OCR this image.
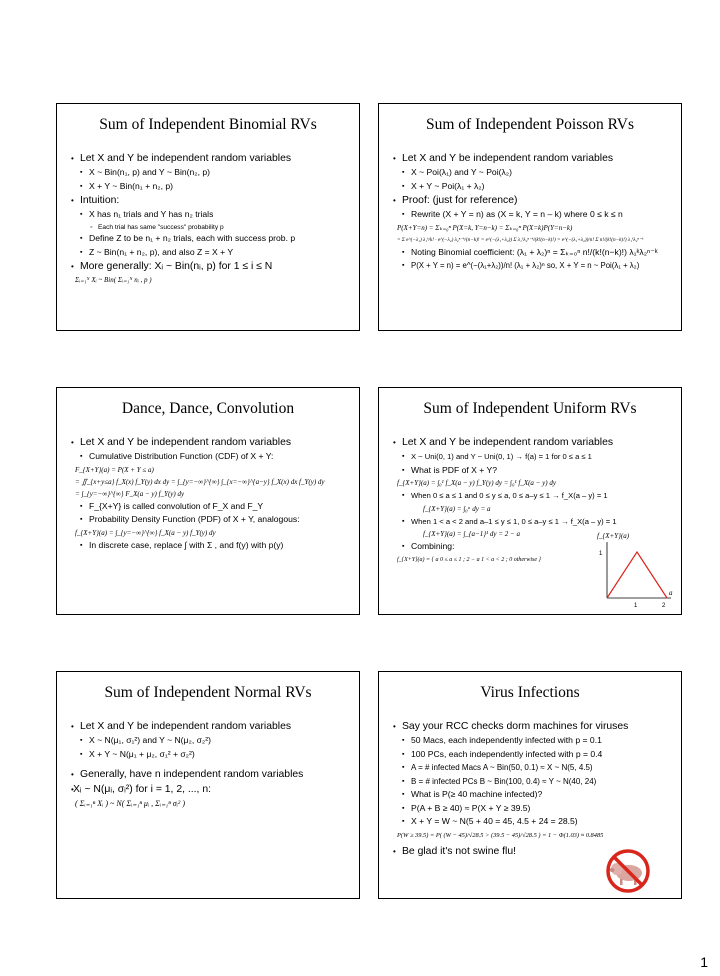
Sum of Independent Binomial RVs
• Let X and Y be independent random variables
▪ X ~ Bin(n₁, p) and Y ~ Bin(n₂, p)
▪ X + Y ~ Bin(n₁ + n₂, p)
• Intuition:
▪ X has n₁ trials and Y has n₂ trials
◦ Each trial has same "success" probability p
▪ Define Z to be n₁ + n₂ trials, each with success prob. p
▪ Z ~ Bin(n₁ + n₂, p), and also Z = X + Y
• More generally: Xᵢ ~ Bin(nᵢ, p) for 1 ≤ i ≤ N
Σᵢ₌₁ᴺ Xᵢ ~ Bin( Σᵢ₌₁ᴺ nᵢ , p )
Sum of Independent Poisson RVs
• Let X and Y be independent random variables
▪ X ~ Poi(λ₁) and Y ~ Poi(λ₂)
▪ X + Y ~ Poi(λ₁ + λ₂)
• Proof: (just for reference)
▪ Rewrite (X + Y = n) as (X = k, Y = n – k) where 0 ≤ k ≤ n
P(X+Y=n) = Σₖ₌₀ⁿ P(X=k, Y=n−k) = Σₖ₌₀ⁿ P(X=k)P(Y=n−k)
= Σ e^(−λ₁) λ₁ᵏ/k! · e^(−λ₂) λ₂ⁿ⁻ᵏ/(n−k)! = e^(−(λ₁+λ₂)) Σ λ₁ᵏλ₂ⁿ⁻ᵏ/(k!(n−k)!) = e^(−(λ₁+λ₂))/n! Σ n!/(k!(n−k)!) λ₁ᵏλ₂ⁿ⁻ᵏ
▪ Noting Binomial coefficient: (λ₁ + λ₂)ⁿ = Σₖ₌₀ⁿ n!/(k!(n−k)!) λ₁ᵏλ₂ⁿ⁻ᵏ
▪ P(X + Y = n) = e^(−(λ₁+λ₂))/n! (λ₁ + λ₂)ⁿ so, X + Y = n ~ Poi(λ₁ + λ₂)
Dance, Dance, Convolution
• Let X and Y be independent random variables
▪ Cumulative Distribution Function (CDF) of X + Y:
F_{X+Y}(a) = P(X + Y ≤ a)
= ∬_{x+y≤a} f_X(x) f_Y(y) dx dy = ∫_{y=−∞}^{∞} ∫_{x=−∞}^{a−y} f_X(x) dx f_Y(y) dy
= ∫_{y=−∞}^{∞} F_X(a − y) f_Y(y) dy
▪ F_{X+Y} is called convolution of F_X and F_Y
▪ Probability Density Function (PDF) of X + Y, analogous:
f_{X+Y}(a) = ∫_{y=−∞}^{∞} f_X(a − y) f_Y(y) dy
▪ In discrete case, replace ∫ with Σ , and f(y) with p(y)
Sum of Independent Uniform RVs
• Let X and Y be independent random variables
▪ X ~ Uni(0, 1) and Y ~ Uni(0, 1) → f(a) = 1 for 0 ≤ a ≤ 1
▪ What is PDF of X + Y?
f_{X+Y}(a) = ∫₀¹ f_X(a − y) f_Y(y) dy = ∫₀¹ f_X(a − y) dy
▪ When 0 ≤ a ≤ 1 and 0 ≤ y ≤ a, 0 ≤ a–y ≤ 1 → f_X(a – y) = 1
f_{X+Y}(a) = ∫₀ᵃ dy = a
▪ When 1 < a < 2 and a–1 ≤ y ≤ 1, 0 ≤ a–y ≤ 1 → f_X(a – y) = 1
f_{X+Y}(a) = ∫_{a−1}¹ dy = 2 − a
▪ Combining:
f_{X+Y}(a) = { a 0 ≤ a ≤ 1 ; 2 − a 1 < a < 2 ; 0 otherwise }
f_{X+Y}(a)
1
1	2
a
Sum of Independent Normal RVs
• Let X and Y be independent random variables
▪ X ~ N(μ₁, σ₁²) and Y ~ N(μ₂, σ₂²)
▪ X + Y ~ N(μ₁ + μ₂, σ₁² + σ₂²)
• Generally, have n independent random variables
• Xᵢ ~ N(μᵢ, σᵢ²) for i = 1, 2, ..., n:
( Σᵢ₌₁ⁿ Xᵢ ) ~ N( Σᵢ₌₁ⁿ μᵢ , Σᵢ₌₁ⁿ σᵢ² )
Virus Infections
• Say your RCC checks dorm machines for viruses
▪ 50 Macs, each independently infected with p = 0.1
▪ 100 PCs, each independently infected with p = 0.4
▪ A = # infected Macs A ~ Bin(50, 0.1) ≈ X ~ N(5, 4.5)
▪ B = # infected PCs B ~ Bin(100, 0.4) ≈ Y ~ N(40, 24)
▪ What is P(≥ 40 machine infected)?
▪ P(A + B ≥ 40) ≈ P(X + Y ≥ 39.5)
▪ X + Y = W ~ N(5 + 40 = 45, 4.5 + 24 = 28.5)
P(W ≥ 39.5) = P( (W − 45)/√28.5 > (39.5 − 45)/√28.5 ) = 1 − Φ(1.03) ≈ 0.8485
• Be glad it's not swine flu!
1
